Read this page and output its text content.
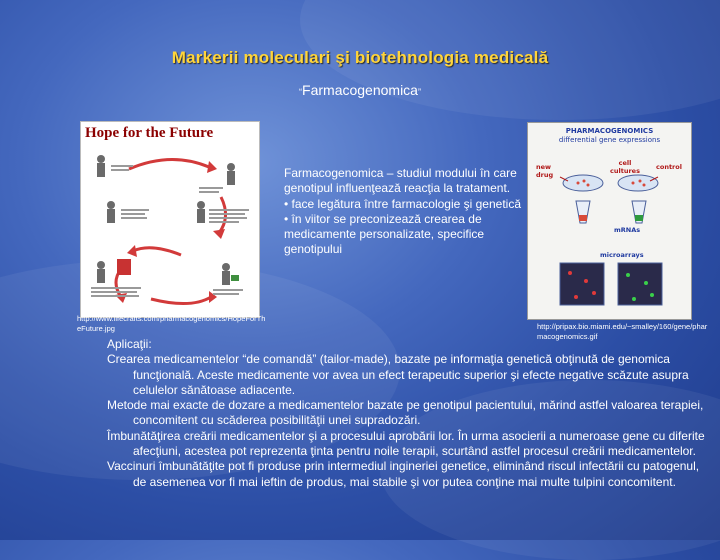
Markerii moleculari şi biotehnologia medicală
“Farmacogenomica”
Hope for the Future	PHARMACOGENOMICS
differential gene expressions
new drug
cell cultures control
mRNAs
microarrays
Farmacogenomica – studiul modului în care genotipul influenţează reacţia la tratament.
• face legătura între farmacologie şi genetică
• în viitor se preconizează crearea de medicamente personalizate, specifice genotipului
http://www.lifecrafts.com/pharmacogenomics/HopeForTheFuture.jpg	http://pripax.bio.miami.edu/~smalley/160/gene/pharmacogenomics.gif
Aplicaţii:
Crearea medicamentelor “de comandă” (tailor-made), bazate pe informaţia genetică obţinută de genomica funcţională. Aceste medicamente vor avea un efect terapeutic superior şi efecte negative scăzute asupra celulelor sănătoase adiacente.
Metode mai exacte de dozare a medicamentelor bazate pe genotipul pacientului, mărind astfel valoarea terapiei, concomitent cu scăderea posibilităţii unei supradozări.
Îmbunătăţirea creării medicamentelor şi a procesului aprobării lor. În urma asocierii a numeroase gene cu diferite afecţiuni, acestea pot reprezenta ţinta pentru noile terapii, scurtând astfel procesul creării medicamentelor.
Vaccinuri îmbunătăţite pot fi produse prin intermediul ingineriei genetice, eliminând riscul infectării cu patogenul, de asemenea vor fi mai ieftin de produs, mai stabile şi vor putea conţine mai multe tulpini concomitent.
